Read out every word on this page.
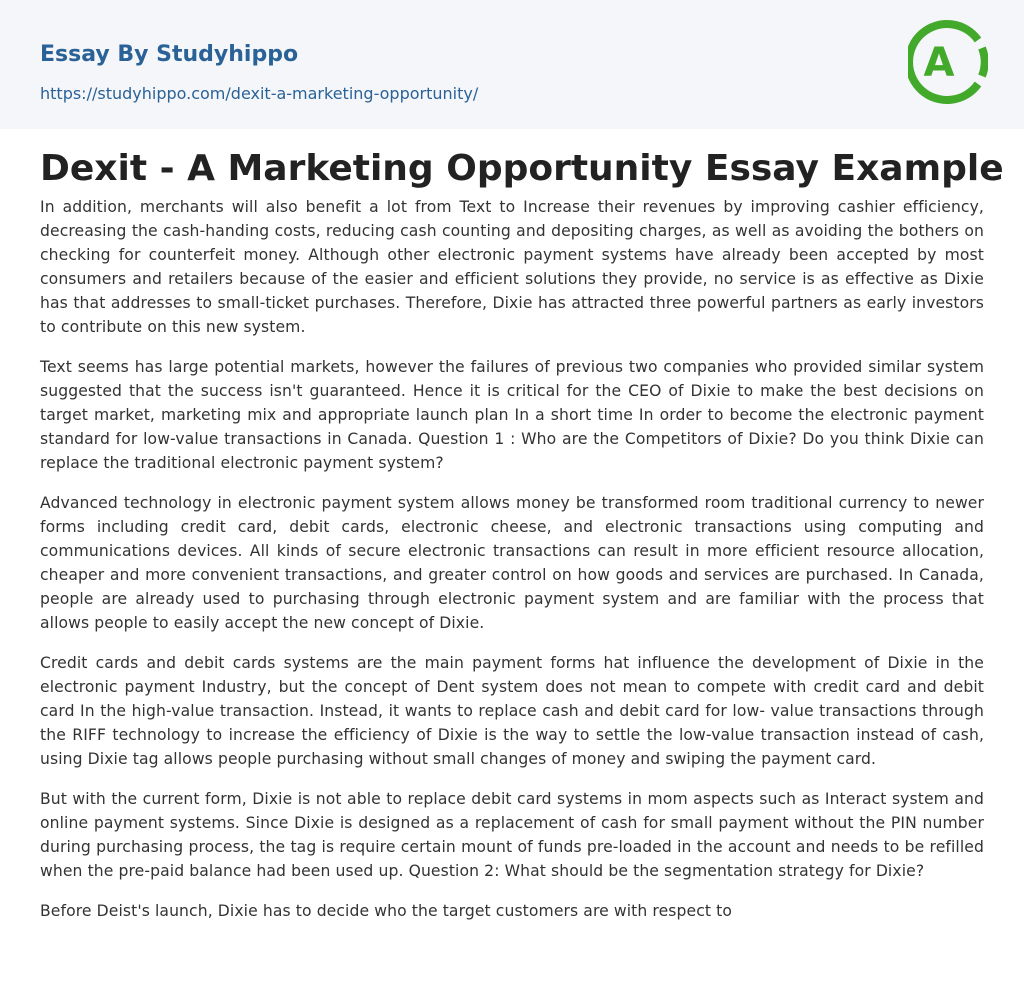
Essay By Studyhippo
https://studyhippo.com/dexit-a-marketing-opportunity/
A
Dexit - A Marketing Opportunity Essay Example

In addition, merchants will also benefit a lot from Text to Increase their revenues by improving cashier efficiency, decreasing the cash-handing costs, reducing cash counting and depositing charges, as well as avoiding the bothers on checking for counterfeit money. Although other electronic payment systems have already been accepted by most consumers and retailers because of the easier and efficient solutions they provide, no service is as effective as Dixie has that addresses to small-ticket purchases. Therefore, Dixie has attracted three powerful partners as early investors to contribute on this new system.

Text seems has large potential markets, however the failures of previous two companies who provided similar system suggested that the success isn't guaranteed. Hence it is critical for the CEO of Dixie to make the best decisions on target market, marketing mix and appropriate launch plan In a short time In order to become the electronic payment standard for low-value transactions in Canada. Question 1 : Who are the Competitors of Dixie? Do you think Dixie can replace the traditional electronic payment system?

Advanced technology in electronic payment system allows money be transformed room traditional currency to newer forms including credit card, debit cards, electronic cheese, and electronic transactions using computing and communications devices. All kinds of secure electronic transactions can result in more efficient resource allocation, cheaper and more convenient transactions, and greater control on how goods and services are purchased. In Canada, people are already used to purchasing through electronic payment system and are familiar with the process that allows people to easily accept the new concept of Dixie.

Credit cards and debit cards systems are the main payment forms hat influence the development of Dixie in the electronic payment Industry, but the concept of Dent system does not mean to compete with credit card and debit card In the high-value transaction. Instead, it wants to replace cash and debit card for low- value transactions through the RIFF technology to increase the efficiency of Dixie is the way to settle the low-value transaction instead of cash, using Dixie tag allows people purchasing without small changes of money and swiping the payment card.

But with the current form, Dixie is not able to replace debit card systems in mom aspects such as Interact system and online payment systems. Since Dixie is designed as a replacement of cash for small payment without the PIN number during purchasing process, the tag is require certain mount of funds pre-loaded in the account and needs to be refilled when the pre-paid balance had been used up. Question 2: What should be the segmentation strategy for Dixie?

Before Deist's launch, Dixie has to decide who the target customers are with respect to
